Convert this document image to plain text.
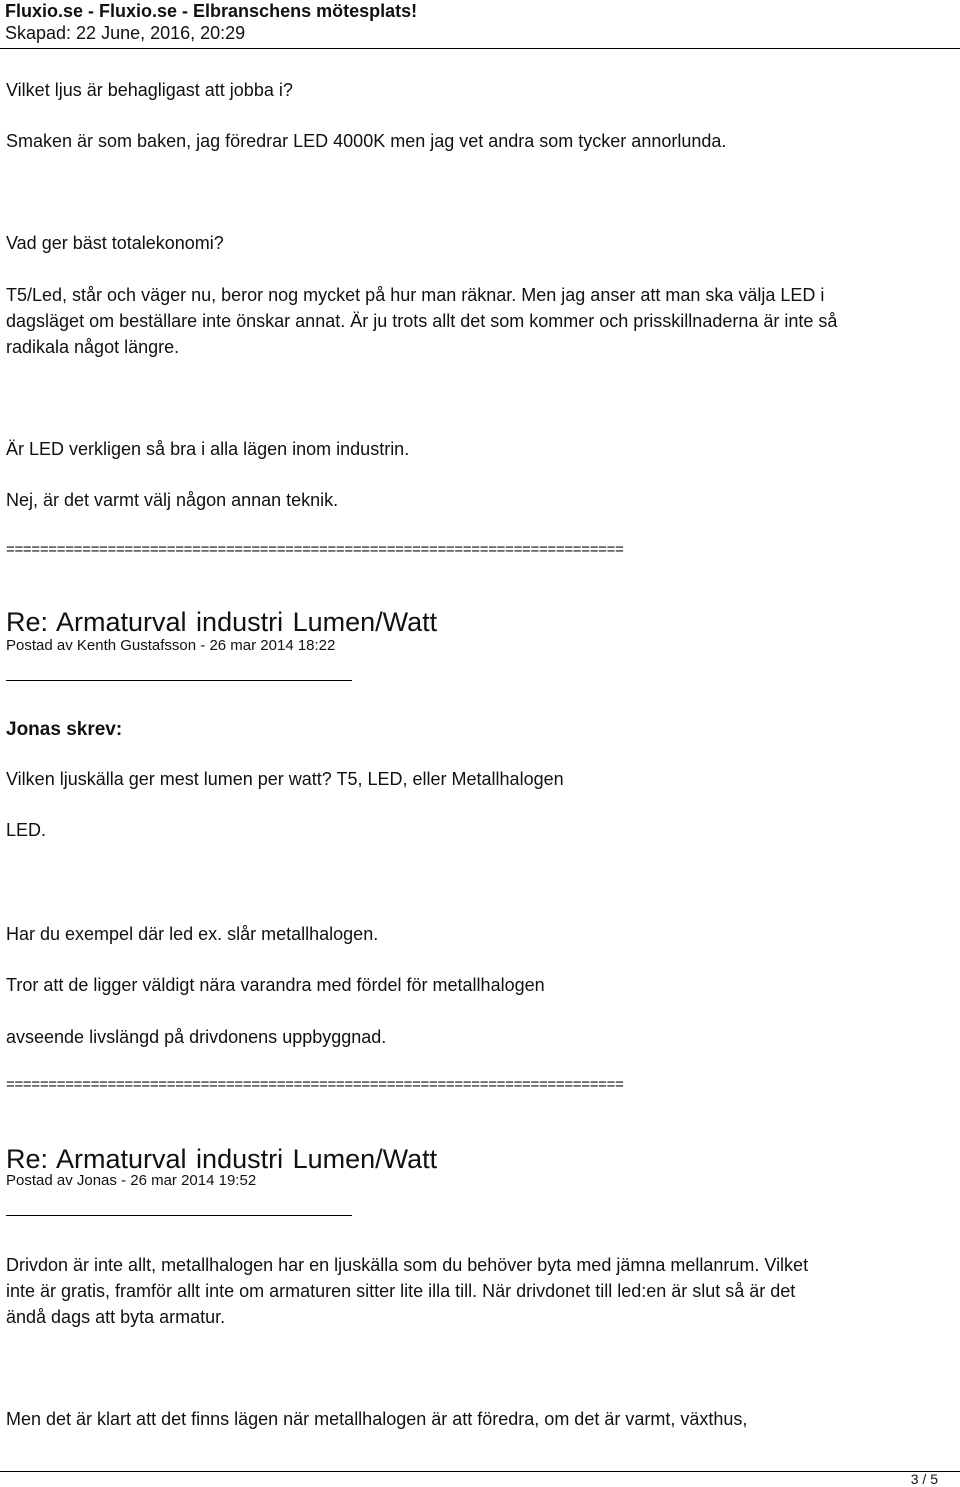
Fluxio.se - Fluxio.se - Elbranschens mötesplats!
Skapad: 22 June, 2016, 20:29
Vilket ljus är behagligast att jobba i?
Smaken är som baken, jag föredrar LED 4000K men jag vet andra som tycker annorlunda.
Vad ger bäst totalekonomi?
T5/Led, står och väger nu, beror nog mycket på hur man räknar. Men jag anser att man ska välja LED i
dagsläget om beställare inte önskar annat. Är ju trots allt det som kommer och prisskillnaderna är inte så
radikala något längre.
Är LED verkligen så bra i alla lägen inom industrin.
Nej, är det varmt välj någon annan teknik.
=========================================================================
Re: Armaturval industri Lumen/Watt
Postad av Kenth Gustafsson - 26 mar 2014 18:22
Jonas skrev:
Vilken ljuskälla ger mest lumen per watt? T5, LED, eller Metallhalogen
LED.
Har du exempel där led ex. slår metallhalogen.
Tror att de ligger väldigt nära varandra med fördel för metallhalogen
avseende livslängd på drivdonens uppbyggnad.
=========================================================================
Re: Armaturval industri Lumen/Watt
Postad av Jonas - 26 mar 2014 19:52
Drivdon är inte allt, metallhalogen har en ljuskälla som du behöver byta med jämna mellanrum. Vilket
inte är gratis, framför allt inte om armaturen sitter lite illa till. När drivdonet till led:en är slut så är det
ändå dags att byta armatur.
Men det är klart att det finns lägen när metallhalogen är att föredra, om det är varmt, växthus,
3 / 5
